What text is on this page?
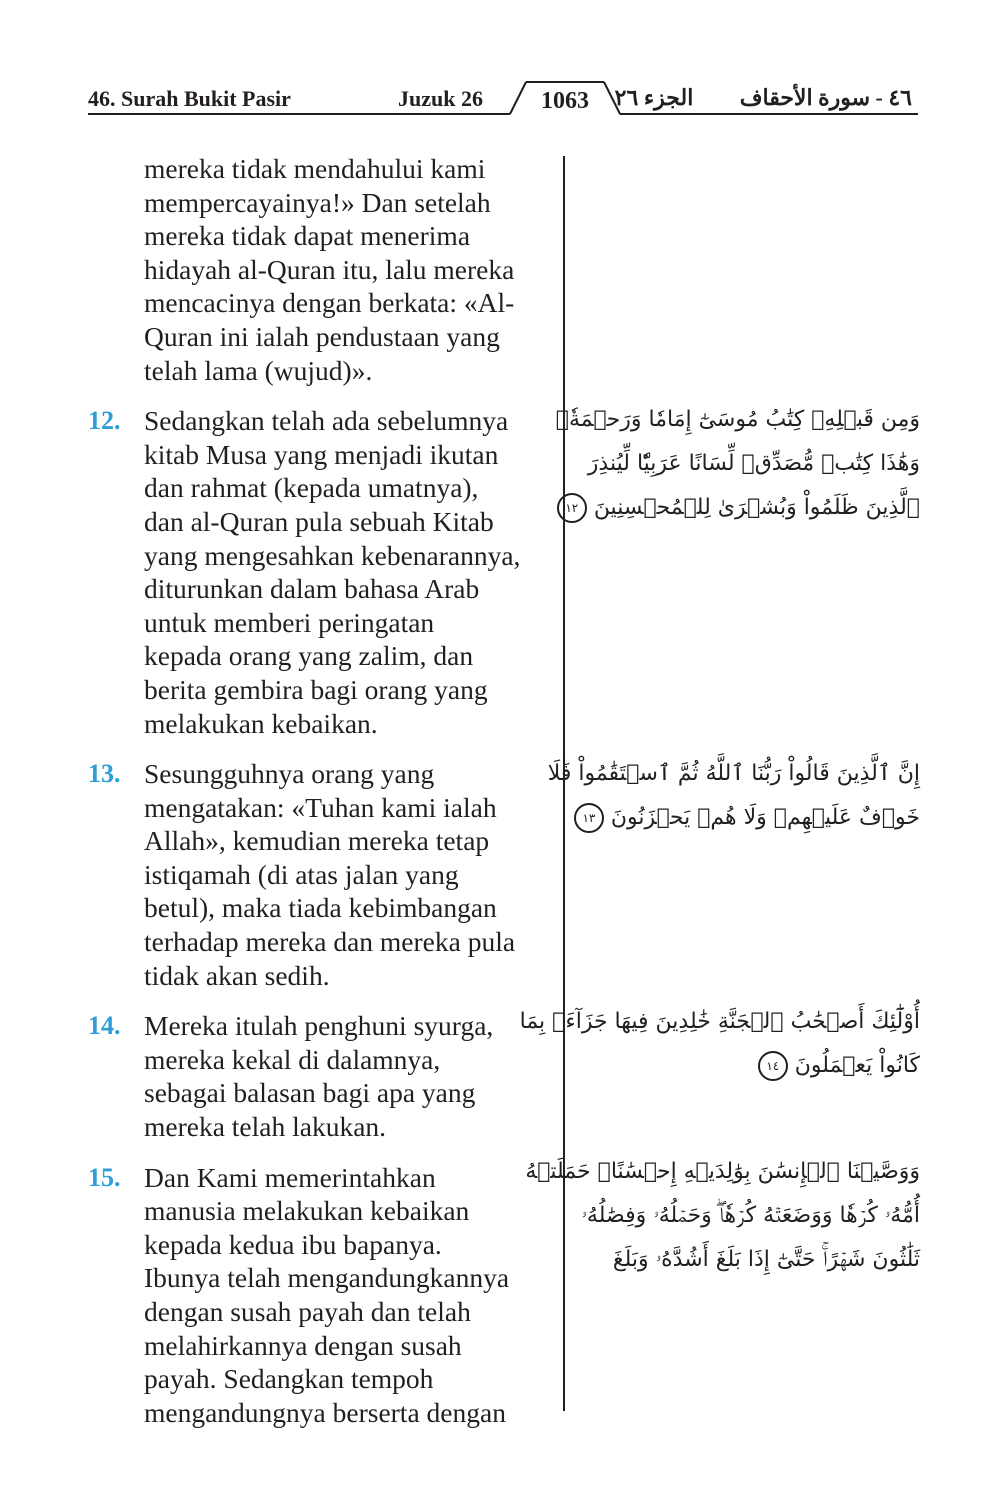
46. Surah Bukit Pasir	Juzuk 26	1063	الجزء ٢٦	٤٦ - سورة الأحقاف
mereka tidak mendahului kami
mempercayainya!» Dan setelah
mereka tidak dapat menerima
hidayah al-Quran itu, lalu mereka
mencacinya dengan berkata: «Al-
Quran ini ialah pendustaan yang
telah lama (wujud)».
12. Sedangkan telah ada sebelumnya
kitab Musa yang menjadi ikutan
dan rahmat (kepada umatnya),
dan al-Quran pula sebuah Kitab
yang mengesahkan kebenarannya,
diturunkan dalam bahasa Arab
untuk memberi peringatan
kepada orang yang zalim, dan
berita gembira bagi orang yang
melakukan kebaikan.
13. Sesungguhnya orang yang
mengatakan: «Tuhan kami ialah
Allah», kemudian mereka tetap
istiqamah (di atas jalan yang
betul), maka tiada kebimbangan
terhadap mereka dan mereka pula
tidak akan sedih.
14. Mereka itulah penghuni syurga,
mereka kekal di dalamnya,
sebagai balasan bagi apa yang
mereka telah lakukan.
15. Dan Kami memerintahkan
manusia melakukan kebaikan
kepada kedua ibu bapanya.
Ibunya telah mengandungkannya
dengan susah payah dan telah
melahirkannya dengan susah
payah. Sedangkan tempoh
mengandungnya berserta dengan
وَمِن قَبۡلِهِۦ كِتَٰبُ مُوسَىٰٓ إِمَامٗا وَرَحۡمَةٗۚ
وَهَٰذَا كِتَٰبٞ مُّصَدِّقٞ لِّسَانًا عَرَبِيّٗا لِّيُنذِرَ
ٱلَّذِينَ ظَلَمُواْ وَبُشۡرَىٰ لِلۡمُحۡسِنِينَ ١٢
إِنَّ ٱلَّذِينَ قَالُواْ رَبُّنَا ٱللَّهُ ثُمَّ ٱسۡتَقَٰمُواْ فَلَا
خَوۡفٌ عَلَيۡهِمۡ وَلَا هُمۡ يَحۡزَنُونَ ١٣
أُوْلَٰٓئِكَ أَصۡحَٰبُ ٱلۡجَنَّةِ خَٰلِدِينَ فِيهَا جَزَآءَۢ بِمَا
كَانُواْ يَعۡمَلُونَ ١٤
وَوَصَّيۡنَا ٱلۡإِنسَٰنَ بِوَٰلِدَيۡهِ إِحۡسَٰنًاۖ حَمَلَتۡهُ
أُمُّهُۥ كُرۡهٗا وَوَضَعَتۡهُ كُرۡهٗاۖ وَحَمۡلُهُۥ وَفِصَٰلُهُۥ
ثَلَٰثُونَ شَهۡرًاۚ حَتَّىٰٓ إِذَا بَلَغَ أَشُدَّهُۥ وَبَلَغَ
